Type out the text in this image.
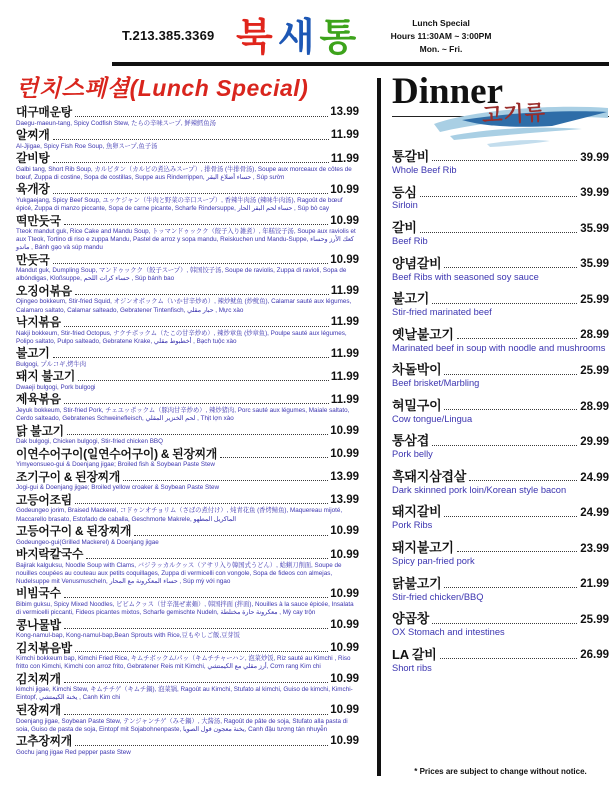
T.213.385.3369 북새통	Lunch Special
Hours 11:30AM ~ 3:00PM
Mon. ~ Fri.
런치스페셜(Lunch Special)
대구매운탕	13.99
Daegu-maeun-tang, Spicy Codfish Stew, たらの辛味スープ, 鲜辣鳕鱼汤
알찌개	11.99
Al-Jjigae, Spicy Fish Roe Soup, 魚卵スープ,鱼子汤
갈비탕	11.99
Galbi tang, Short Rib Soup, カルビタン（カルビの煮込みスープ）, 排骨汤 (牛排骨汤), Soupe aux morceaux de côtes de bœuf, Zuppa di costine, Sopa de costillas, Suppe aus Rinderrippen, حساء أضلاع البقر , Súp sườn
육개장	10.99
Yukgaejang, Spicy Beef Soup, ユッケジャン（牛肉と野菜の辛口スープ）, 香辣牛肉汤 (辣味牛肉汤), Ragoût de bœuf épicé, Zuppa di manzo piccante, Sopa de carne picante, Scharfe Rindersuppe, حساء لحم البقر الحار , Súp bò cay
떡만둣국	10.99
Tteok mandut guk, Rice Cake and Mandu Soup, トッマンドゥックク（餃子入り雑煮）, 年糕饺子汤, Soupe aux raviolis et aux Tteok, Tortino di riso e zuppa Mandu, Pastel de arroz y sopa mandu, Reiskuchen und Mandu-Suppe, كعك الأرز وحساء ماندو , Bánh gạo và súp mandu
만둣국	10.99
Mandut guk, Dumpling Soup, マンドゥックク（餃子スープ）, 韩国饺子汤, Soupe de raviolis, Zuppa di ravioli, Sopa de albóndigas, Kloßsuppe, حساء كرات اللحم , Súp bánh bao
오징어볶음	11.99
Ojingeo bokkeum, Stir-fried Squid, オジンオボックム（いか甘辛炒め）, 辣炒鱿鱼 (炒鱿鱼), Calamar sauté aux légumes, Calamaro saltato, Calamar salteado, Gebratener Tintenfisch, حبار مقلي , Mực xào
낙지볶음	11.99
Nakji bokkeum, Stir-fried Octopus, ナクチボックム（たこの甘辛炒め）, 辣炒章鱼 (炒章鱼), Poulpe sauté aux légumes, Polipo saltato, Pulpo salteado, Gebratene Krake, أخطبوط مقلي , Bạch tuộc xào
불고기	11.99
Bulgogi, プルコギ,烤牛肉
돼지 불고기	11.99
Dwaeji bulgogi, Pork bulgogi
제육볶음	11.99
Jeyuk bokkeum, Stir-fried Pork, チェユッポックム（豚肉甘辛炒め）, 辣炒猪肉, Porc sauté aux légumes, Maiale saltato, Cerdo salteado, Gebratenes Schweinefleisch, لحم الخنزير المقلي , Thịt lợn xào
닭 불고기	10.99
Dak bulgogi, Chicken bulgogi, Stir-fried chicken BBQ
이연수어구이(일연수어구이) & 된장찌개	10.99
Yimyeonsueo-gui & Doenjang jigae; Broiled fish & Soybean Paste Stew
조기구이 & 된장찌개	13.99
Jogi-gui & Doenjang jigae; Broiled yellow croaker & Soybean Paste Stew
고등어조림	13.99
Godeungeo jorim, Braised Mackerel, コドゥンオチョリム（さばの煮付け）, 炖青花鱼 (香烤鲭鱼), Maquereau mijoté, Maccarello brasato, Estofado de caballa, Geschmorte Makrele, الماكريل المطهو
고등어구이 & 된장찌개	10.99
Godeungeo-gui(Grilled Mackerel) & Doenjang jigae
바지락칼국수	10.99
Bajirak kalguksu, Noodle Soup with Clams, バジラッカルクッス（アサリ入り韓国式うどん）, 蛤蜊刀削面, Soupe de nouilles coupées au couteau aux petits coquillages, Zuppa di vermicelli con vongole, Sopa de fideos con almejas, Nudelsuppe mit Venusmuscheln, حساء المعكرونة مع المحار , Súp mỳ với ngao
비빔국수	10.99
Bibim guksu, Spicy Mixed Noodles, ビビムクッス（甘辛混ぜ素麺）, 韩国拌面 (拌面), Nouilles à la sauce épicée, Insalata di vermicelli piccanti, Fideos picantes mixtos, Scharfe gemischte Nudeln, معكرونة حارة مختلطة , Mỳ cay trộn
콩나물밥	10.99
Kong-namul-bap, Kong-namul-bap,Bean Sprouts with Rice,豆もやしご飯,豆芽饭
김치볶음밥	10.99
Kimchi bokkeum bap, Kimchi Fried Rice, キムチボックム/パッ（キムチチャーハン, 泡菜炒饭, Riz sauté au Kimchi , Riso fritto con Kimchi, Kimchi con arroz frito, Gebratener Reis mit Kimchi, أرز مقلي مع الكيمتشي, Cơm rang Kim chi
김치찌개	10.99
kimchi jigae, Kimchi Stew, キムチチゲ（キムチ鍋), 泡菜锅, Ragoût au Kimchi, Stufato al kimchi, Guiso de kimchi, Kimchi-Eintopf, يخنة الكيمتشي , Canh Kim chi
된장찌개	10.99
Doenjang jigae, Soybean Paste Stew, テンジャンチゲ（みそ鍋）, 大酱汤, Ragoût de pâte de soja, Stufato alla pasta di soia, Guiso de pasta de soja, Eintopf mit Sojabohnenpaste, يخنة معجون فول الصويا, Canh đậu tương tán nhuyễn
고추장찌개	10.99
Gochu jang jigae Red pepper paste Stew
Dinner
고기류
통갈비	39.99
Whole Beef Rib
등심	39.99
Sirloin
갈비	35.99
Beef Rib
양념갈비	35.99
Beef Ribs with seasoned soy sauce
불고기	25.99
Stir-fried marinated beef
옛날불고기	28.99
Marinated beef in soup with noodle and mushrooms
차돌박이	25.99
Beef brisket/Marbling
혀밀구이	28.99
Cow tongue/Lingua
통삼겹	29.99
Pork belly
흑돼지삼겹살	24.99
Dark skinned pork loin/Korean style bacon
돼지갈비	24.99
Pork Ribs
돼지불고기	23.99
Spicy pan-fried pork
닭불고기	21.99
Stir-fried chicken/BBQ
양곱창	25.99
OX Stomach and intestines
LA 갈비	26.99
Short ribs
* Prices are subject to change without notice.
